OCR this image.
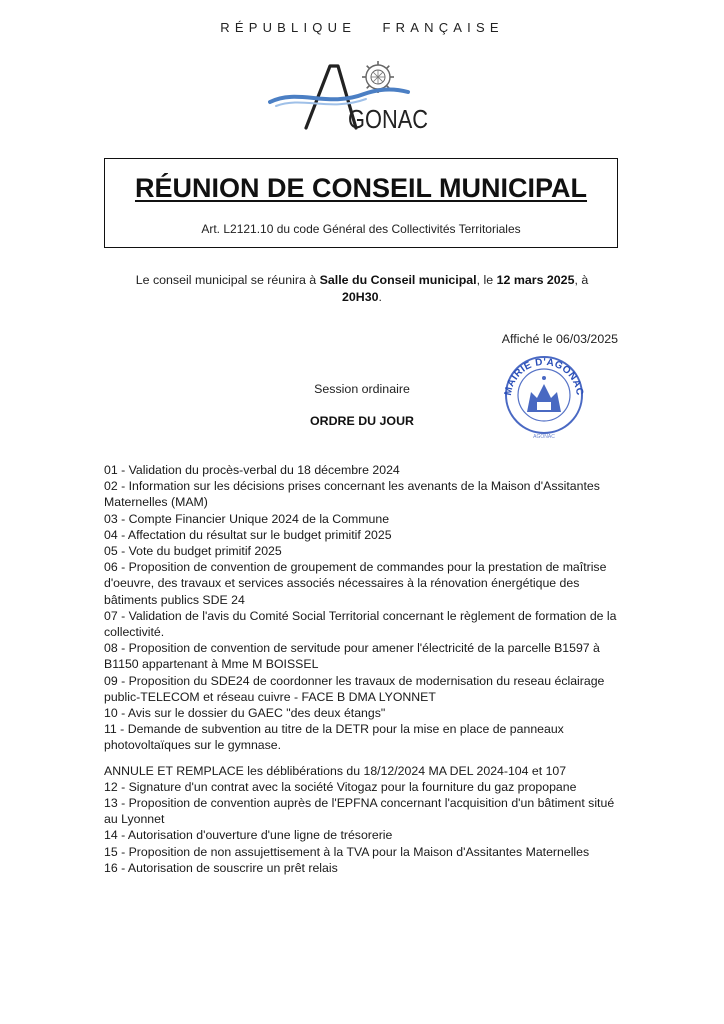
RÉPUBLIQUE   FRANÇAISE
GONAC
RÉUNION DE CONSEIL MUNICIPAL
Art. L2121.10 du code Général des Collectivités Territoriales
Le conseil municipal se réunira à Salle du Conseil municipal, le 12 mars 2025, à
20H30.
Affiché le 06/03/2025
MAIRIE D'AGONAC
AGONAC
Session ordinaire
ORDRE DU JOUR
01 - Validation du procès-verbal du 18 décembre 2024
02 - Information sur les décisions prises concernant les avenants de la Maison d'Assitantes Maternelles (MAM)
03 - Compte Financier Unique 2024 de la Commune
04 - Affectation du résultat sur le budget primitif 2025
05 - Vote du budget primitif 2025
06 - Proposition de convention de groupement de commandes pour la prestation de maîtrise d'oeuvre, des travaux et services associés nécessaires à la rénovation énergétique des bâtiments publics SDE 24
07 - Validation de l'avis du Comité Social Territorial concernant le règlement de formation de la collectivité.
08 - Proposition de convention de servitude pour amener l'électricité de la parcelle B1597 à B1150 appartenant à Mme M BOISSEL
09 - Proposition du SDE24 de coordonner les travaux de modernisation du reseau éclairage public-TELECOM et réseau cuivre - FACE B DMA LYONNET
10 - Avis sur le dossier du GAEC "des deux étangs"
11 - Demande de subvention au titre de la DETR pour la mise en place de panneaux photovoltaïques sur le gymnase.
ANNULE ET REMPLACE les déblibérations du 18/12/2024 MA DEL 2024-104 et 107
12 - Signature d'un contrat avec la société Vitogaz pour la fourniture du gaz propopane
13 - Proposition de convention auprès de l'EPFNA concernant l'acquisition d'un bâtiment situé au Lyonnet
14 - Autorisation d'ouverture d'une ligne de trésorerie
15 - Proposition de non assujettisement à la TVA pour la Maison d'Assitantes Maternelles
16 - Autorisation de souscrire un prêt relais
